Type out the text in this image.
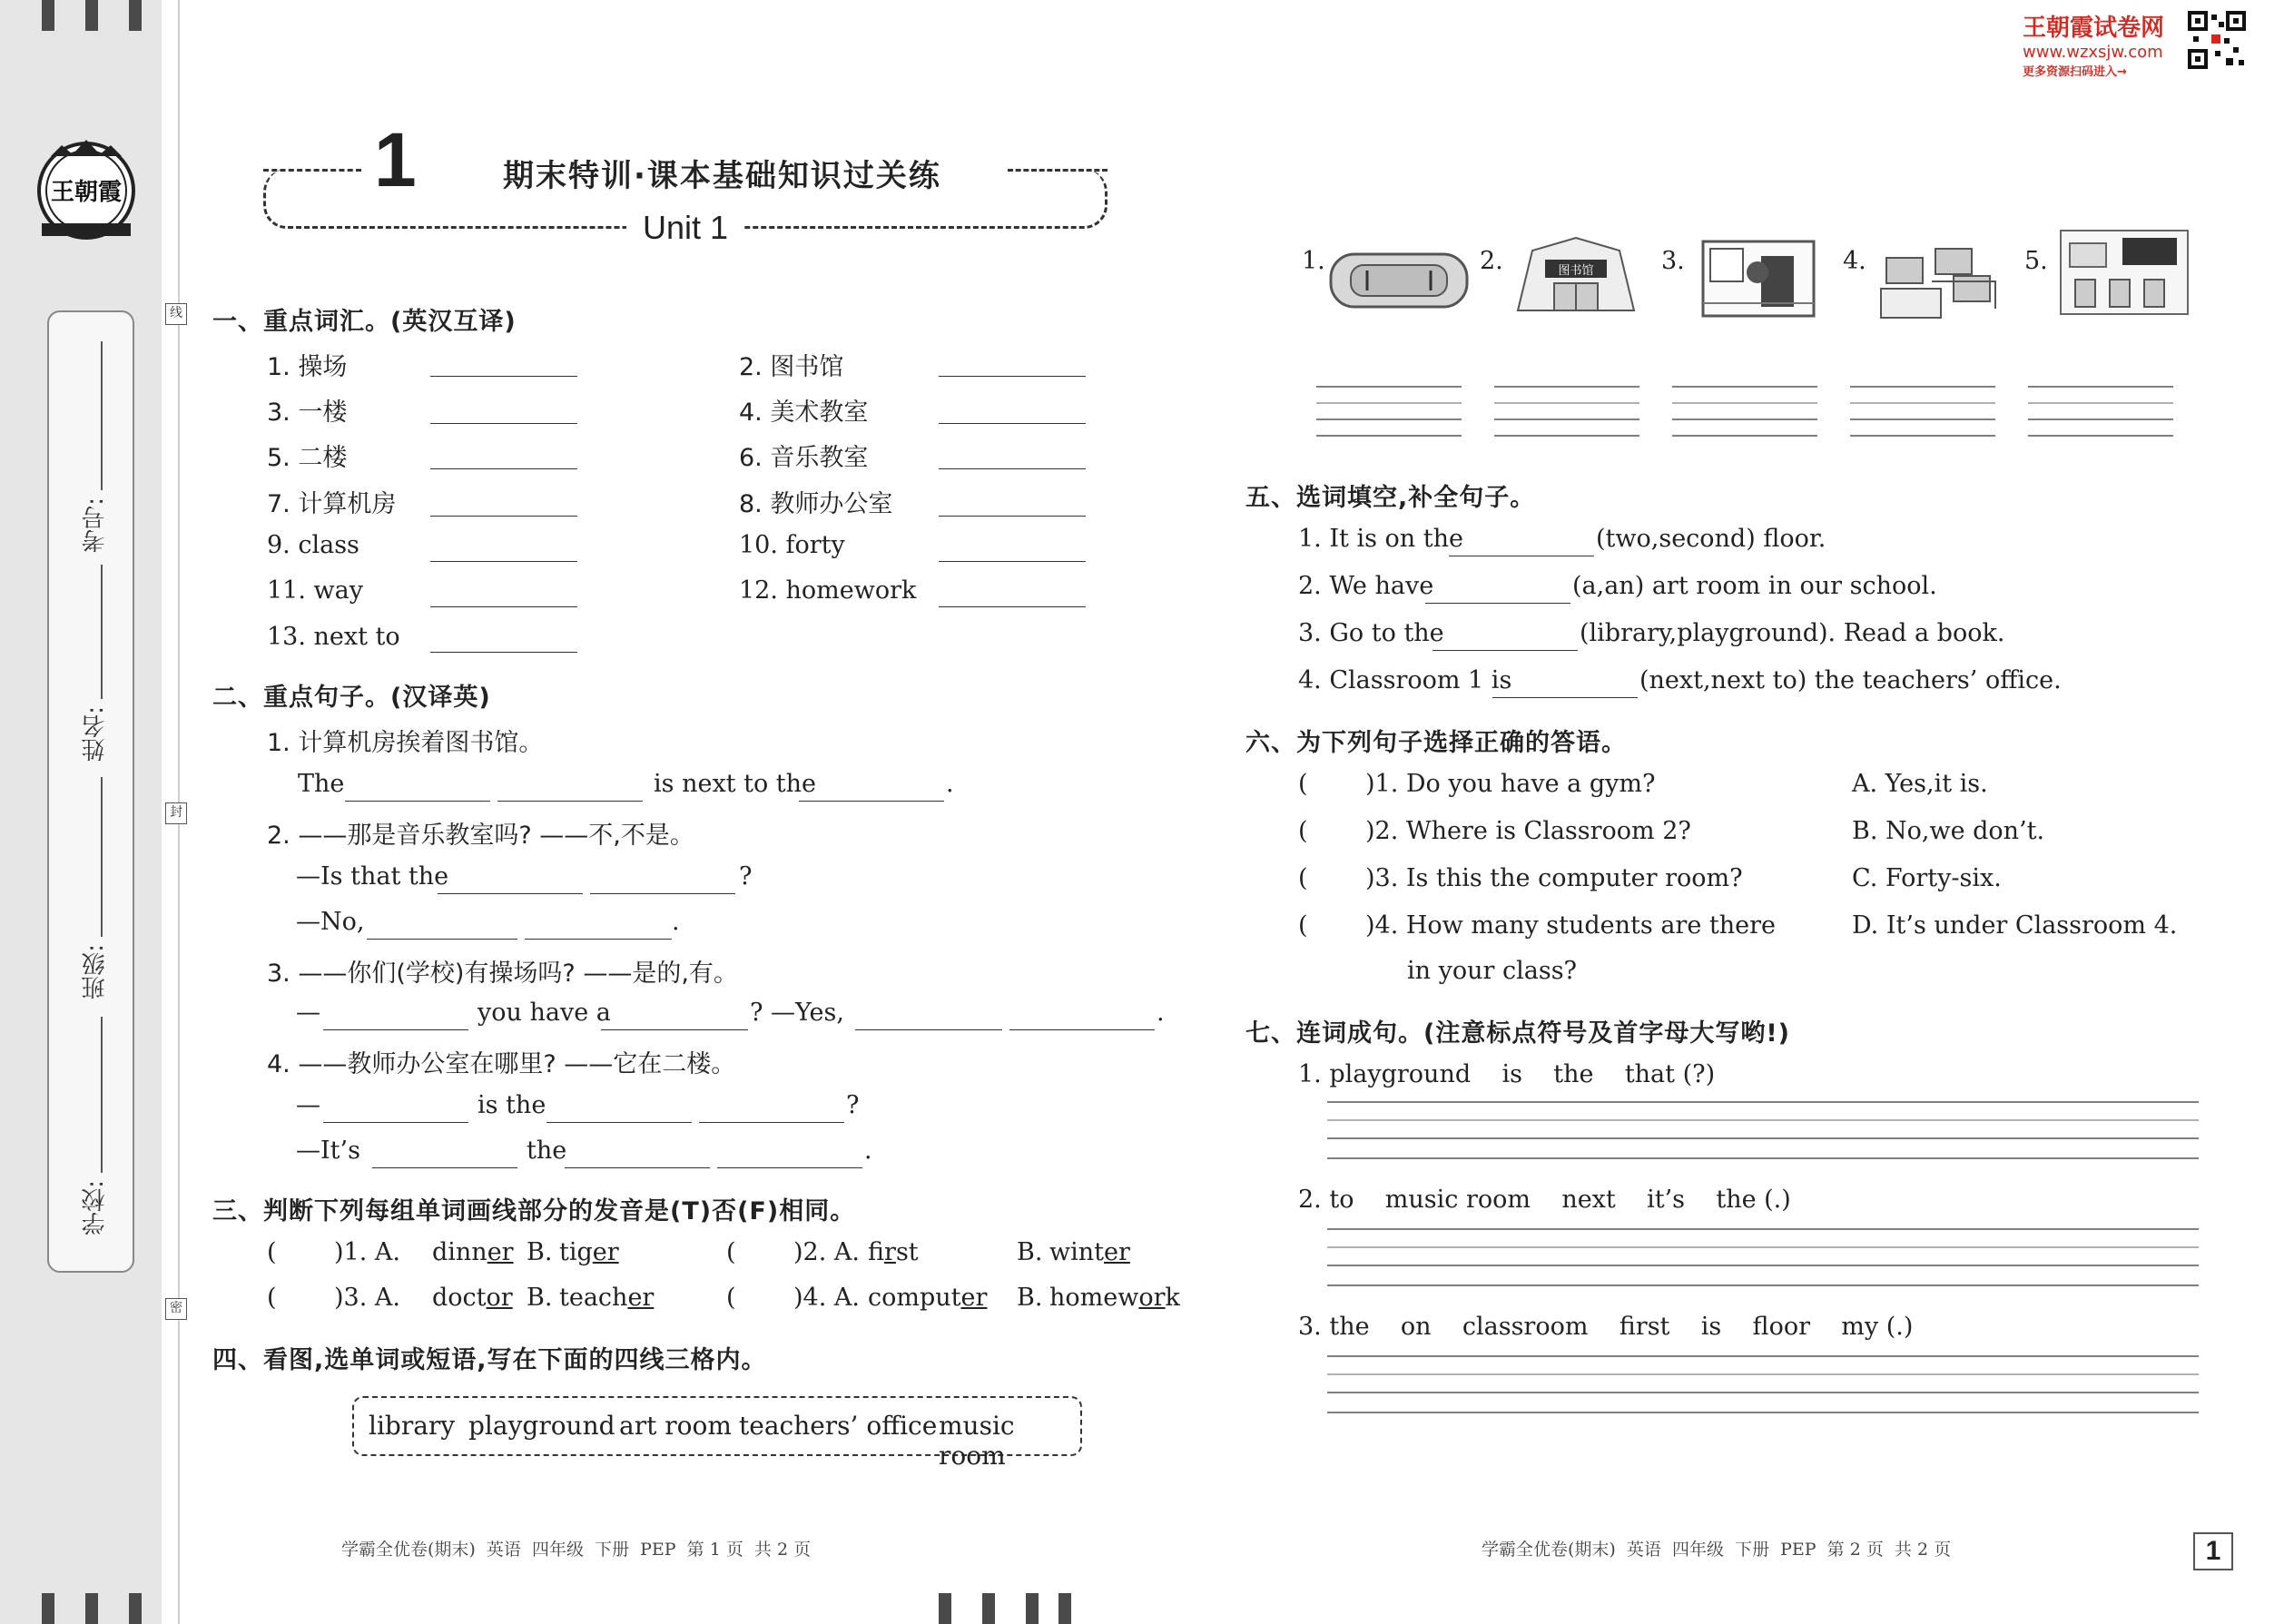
王朝霞
考号:
姓名:
班级:
学校:
线
封
密
王朝霞试卷网
www.wzxsjw.com
更多资源扫码进入→
1	期末特训·课本基础知识过关练
Unit 1
一、重点词汇。(英汉互译)
1. 操场	2. 图书馆
3. 一楼	4. 美术教室
5. 二楼	6. 音乐教室
7. 计算机房	8. 教师办公室
9. class	10. forty
11. way	12. homework
13. next to
二、重点句子。(汉译英)
1. 计算机房挨着图书馆。
The	is next to the	.
2. ——那是音乐教室吗? ——不,不是。
—Is that the	?
—No,	.
3. ——你们(学校)有操场吗? ——是的,有。
—	you have a	? —Yes,	.
4. ——教师办公室在哪里? ——它在二楼。
—	is the	?
—It’s	the	.
三、判断下列每组单词画线部分的发音是(T)否(F)相同。
( )1. A. dinner B. tiger	( )2. A. first	B. winter
( )3. A. doctor B. teacher	( )4. A. computer B. homework
四、看图,选单词或短语,写在下面的四线三格内。
library playground art room teachers’ office music room
1.	2.	图书馆	3.	4.	5.
五、选词填空,补全句子。
1. It is on the	(two,second) floor.
2. We have	(a,an) art room in our school.
3. Go to the	(library,playground). Read a book.
4. Classroom 1 is	(next,next to) the teachers’ office.
六、为下列句子选择正确的答语。
( )1. Do you have a gym?	A. Yes,it is.
( )2. Where is Classroom 2?	B. No,we don’t.
( )3. Is this the computer room?	C. Forty-six.
( )4. How many students are there	D. It’s under Classroom 4.
in your class?
七、连词成句。(注意标点符号及首字母大写哟!)
1. playground    is    the    that (?)
2. to    music room    next    it’s    the (.)
3. the    on    classroom    first    is    floor    my (.)
学霸全优卷(期末)  英语  四年级  下册  PEP  第 1 页  共 2 页	学霸全优卷(期末)  英语  四年级  下册  PEP  第 2 页  共 2 页	1
